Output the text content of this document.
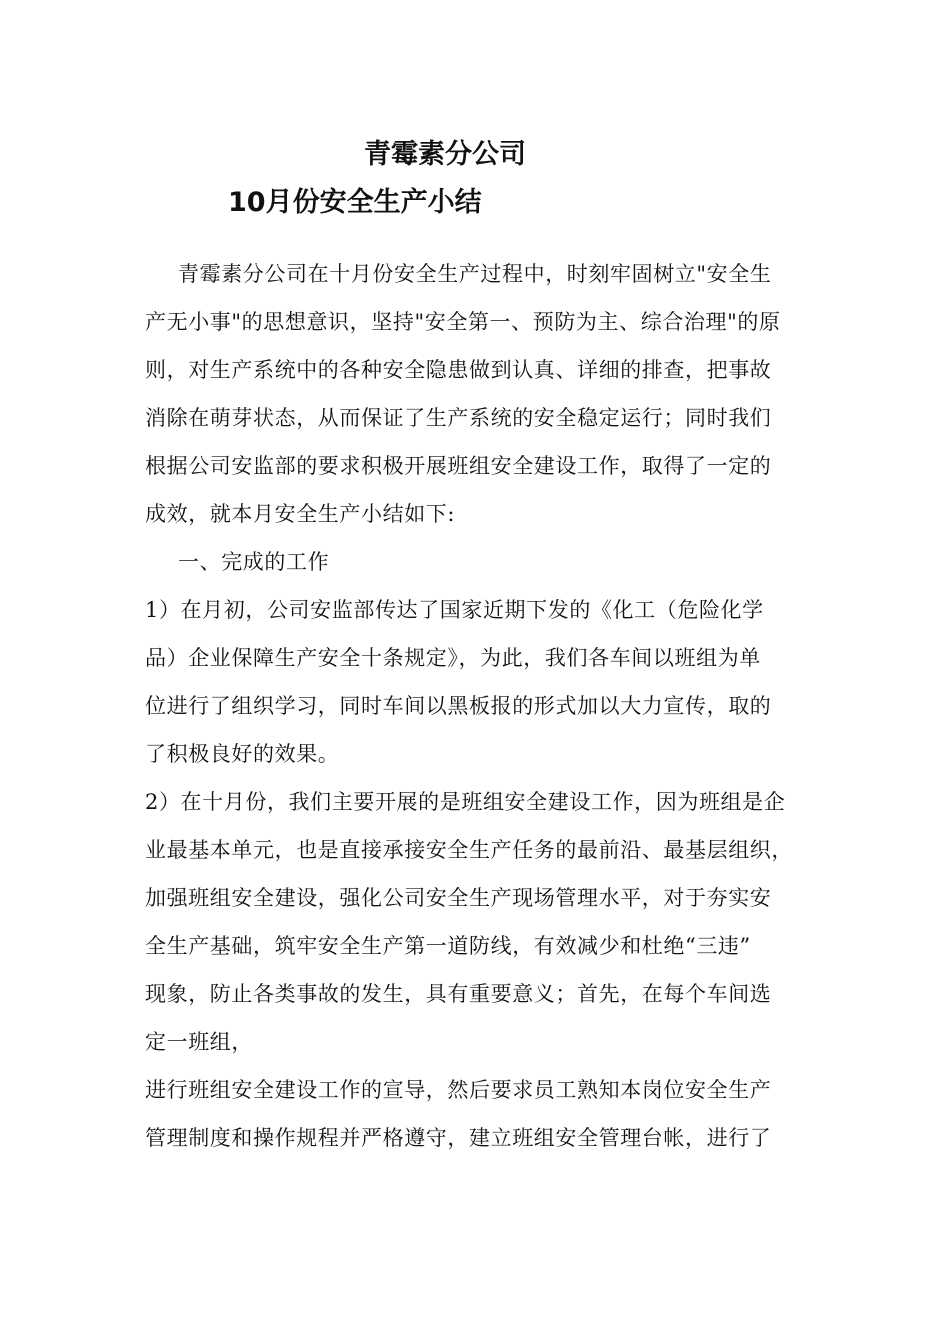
青霉素分公司
10月份安全生产小结
青霉素分公司在十月份安全生产过程中，时刻牢固树立"安全生
产无小事"的思想意识，坚持"安全第一、预防为主、综合治理"的原
则，对生产系统中的各种安全隐患做到认真、详细的排查，把事故
消除在萌芽状态，从而保证了生产系统的安全稳定运行；同时我们
根据公司安监部的要求积极开展班组安全建设工作，取得了一定的
成效，就本月安全生产小结如下:
一、完成的工作
1）在月初，公司安监部传达了国家近期下发的《化工（危险化学
品）企业保障生产安全十条规定》，为此，我们各车间以班组为单
位进行了组织学习，同时车间以黑板报的形式加以大力宣传，取的
了积极良好的效果。
2）在十月份，我们主要开展的是班组安全建设工作，因为班组是企
业最基本单元，也是直接承接安全生产任务的最前沿、最基层组织，
加强班组安全建设，强化公司安全生产现场管理水平，对于夯实安
全生产基础，筑牢安全生产第一道防线，有效减少和杜绝“三违”
现象，防止各类事故的发生，具有重要意义；首先，在每个车间选
定一班组，
进行班组安全建设工作的宣导，然后要求员工熟知本岗位安全生产
管理制度和操作规程并严格遵守，建立班组安全管理台帐，进行了
